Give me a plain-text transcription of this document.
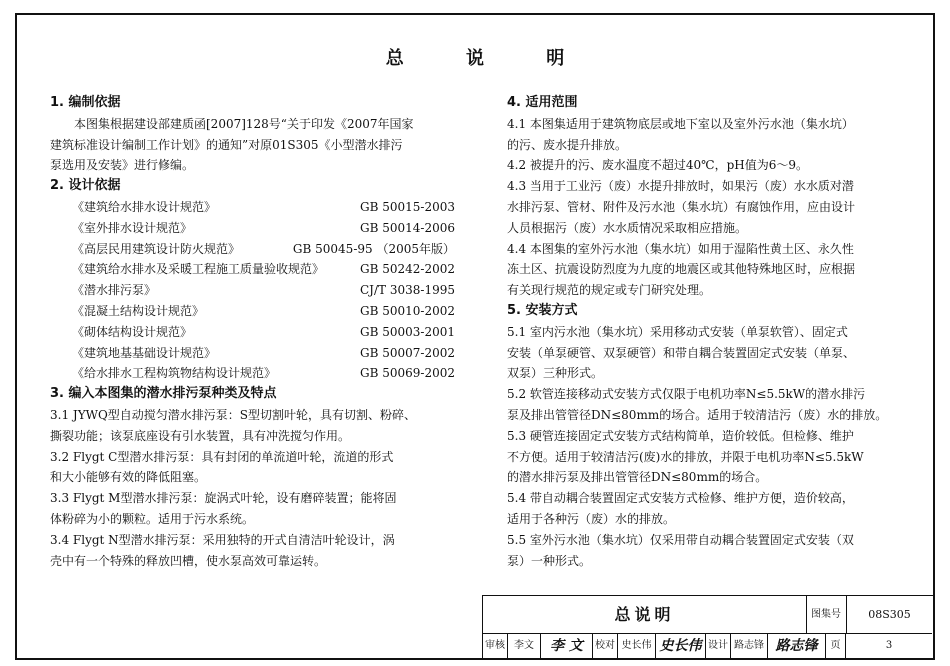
总 说 明
1. 编制依据
本图集根据建设部建质函[2007]128号“关于印发《2007年国家
建筑标准设计编制工作计划》的通知”对原01S305《小型潜水排污
泵选用及安装》进行修编。
2. 设计依据
《建筑给水排水设计规范》	GB 50015-2003
《室外排水设计规范》	GB 50014-2006
《高层民用建筑设计防火规范》	GB 50045-95 （2005年版）
《建筑给水排水及采暖工程施工质量验收规范》	GB 50242-2002
《潜水排污泵》	CJ/T 3038-1995
《混凝土结构设计规范》	GB 50010-2002
《砌体结构设计规范》	GB 50003-2001
《建筑地基基础设计规范》	GB 50007-2002
《给水排水工程构筑物结构设计规范》	GB 50069-2002
3. 编入本图集的潜水排污泵种类及特点
3.1 JYWQ型自动搅匀潜水排污泵：S型切割叶轮，具有切割、粉碎、
撕裂功能；该泵底座设有引水装置，具有冲洗搅匀作用。
3.2 Flygt C型潜水排污泵：具有封闭的单流道叶轮，流道的形式
和大小能够有效的降低阻塞。
3.3 Flygt M型潜水排污泵：旋涡式叶轮，设有磨碎装置；能将固
体粉碎为小的颗粒。适用于污水系统。
3.4 Flygt N型潜水排污泵：采用独特的开式自清洁叶轮设计，涡
壳中有一个特殊的释放凹槽，使水泵高效可靠运转。
4. 适用范围
4.1 本图集适用于建筑物底层或地下室以及室外污水池（集水坑）
的污、废水提升排放。
4.2 被提升的污、废水温度不超过40℃，pH值为6～9。
4.3 当用于工业污（废）水提升排放时，如果污（废）水水质对潜
水排污泵、管材、附件及污水池（集水坑）有腐蚀作用，应由设计
人员根据污（废）水水质情况采取相应措施。
4.4 本图集的室外污水池（集水坑）如用于湿陷性黄土区、永久性
冻土区、抗震设防烈度为九度的地震区或其他特殊地区时，应根据
有关现行规范的规定或专门研究处理。
5. 安装方式
5.1 室内污水池（集水坑）采用移动式安装（单泵软管）、固定式
安装（单泵硬管、双泵硬管）和带自耦合装置固定式安装（单泵、
双泵）三种形式。
5.2 软管连接移动式安装方式仅限于电机功率N≤5.5kW的潜水排污
泵及排出管管径DN≤80mm的场合。适用于较清洁污（废）水的排放。
5.3 硬管连接固定式安装方式结构简单，造价较低。但检修、维护
不方便。适用于较清洁污(废)水的排放，并限于电机功率N≤5.5kW
的潜水排污泵及排出管管径DN≤80mm的场合。
5.4 带自动耦合装置固定式安装方式检修、维护方便，造价较高，
适用于各种污（废）水的排放。
5.5 室外污水池（集水坑）仅采用带自动耦合装置固定式安装（双
泵）一种形式。
总说明	图集号	08S305
审核 李文	李 文	校对 史长伟 史长伟 设计 路志锋 路志锋	页	3
